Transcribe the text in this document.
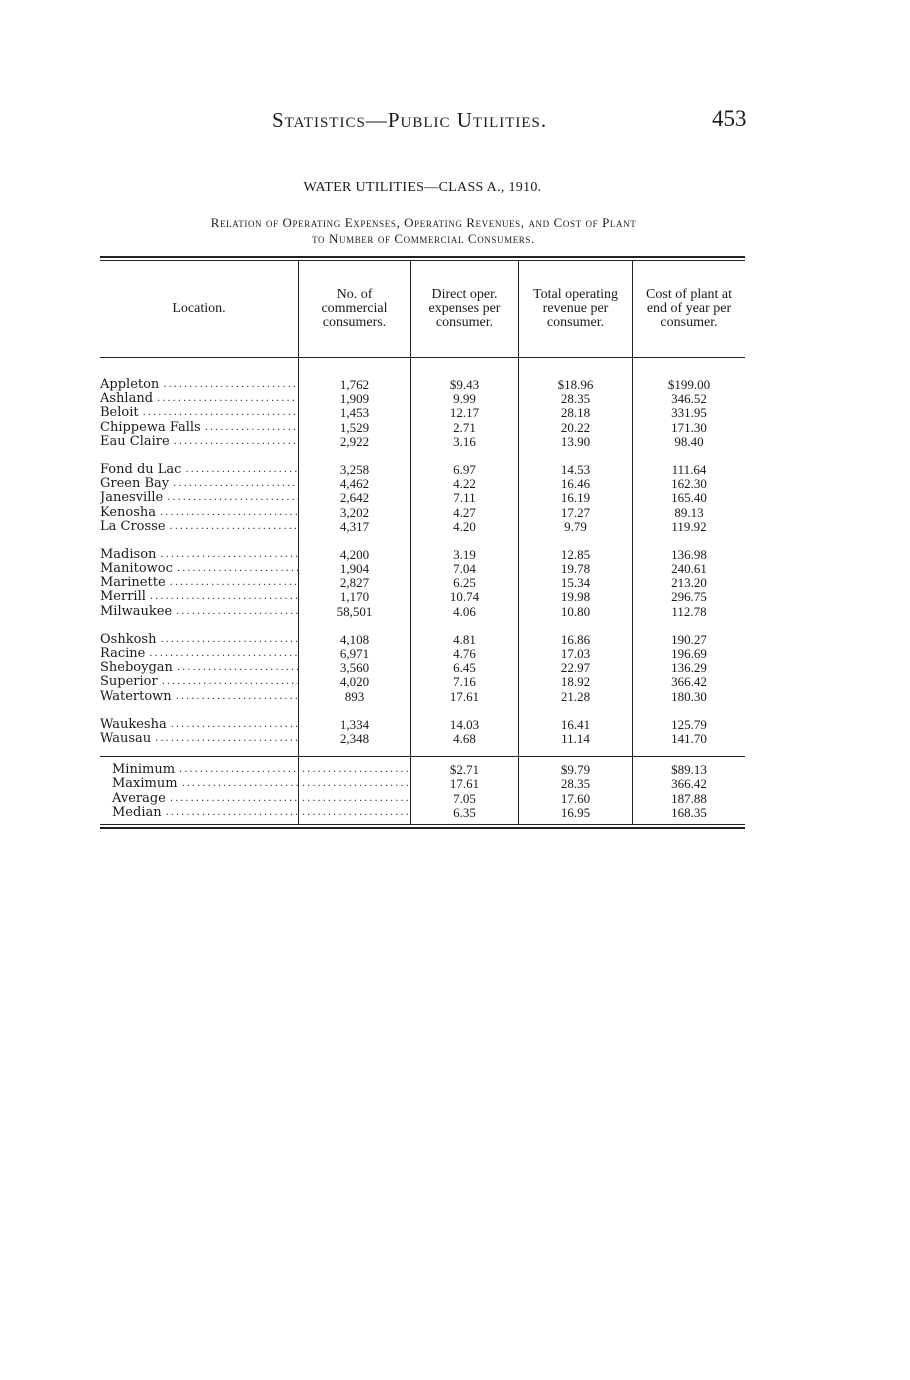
Statistics—Public Utilities.	453
WATER UTILITIES—CLASS A., 1910.
Relation of Operating Expenses, Operating Revenues, and Cost of Plant
to Number of Commercial Consumers.
Location.
No. of commercial consumers.
Direct oper. expenses per consumer.
Total operating revenue per consumer.
Cost of plant at end of year per consumer.
Appleton
.....
Ashland
.....
Beloit
.....
Chippewa Falls
.....
Eau Claire
.....
Fond du Lac
.....
Green Bay
.....
Janesville
.....
Kenosha
.....
La Crosse
.....
Madison
.....
Manitowoc
.....
Marinette
.....
Merrill
.....
Milwaukee
.....
Oshkosh
.....
Racine
.....
Sheboygan
.....
Superior
.....
Watertown
.....
Waukesha
.....
Wausau
.....
1,762
1,909
1,453
1,529
2,922
3,258
4,462
2,642
3,202
4,317
4,200
1,904
2,827
1,170
58,501
4,108
6,971
3,560
4,020
893
1,334
2,348
$9.43
9.99
12.17
2.71
3.16
6.97
4.22
7.11
4.27
4.20
3.19
7.04
6.25
10.74
4.06
4.81
4.76
6.45
7.16
17.61
14.03
4.68
$18.96
28.35
28.18
20.22
13.90
14.53
16.46
16.19
17.27
9.79
12.85
19.78
15.34
19.98
10.80
16.86
17.03
22.97
18.92
21.28
16.41
11.14
$199.00
346.52
331.95
171.30
98.40
111.64
162.30
165.40
89.13
119.92
136.98
240.61
213.20
296.75
112.78
190.27
196.69
136.29
366.42
180.30
125.79
141.70
Minimum
.....
Maximum
.....
Average
.....
Median
.....
.....
.....
.....
.....
$2.71
17.61
7.05
6.35
$9.79
28.35
17.60
16.95
$89.13
366.42
187.88
168.35
